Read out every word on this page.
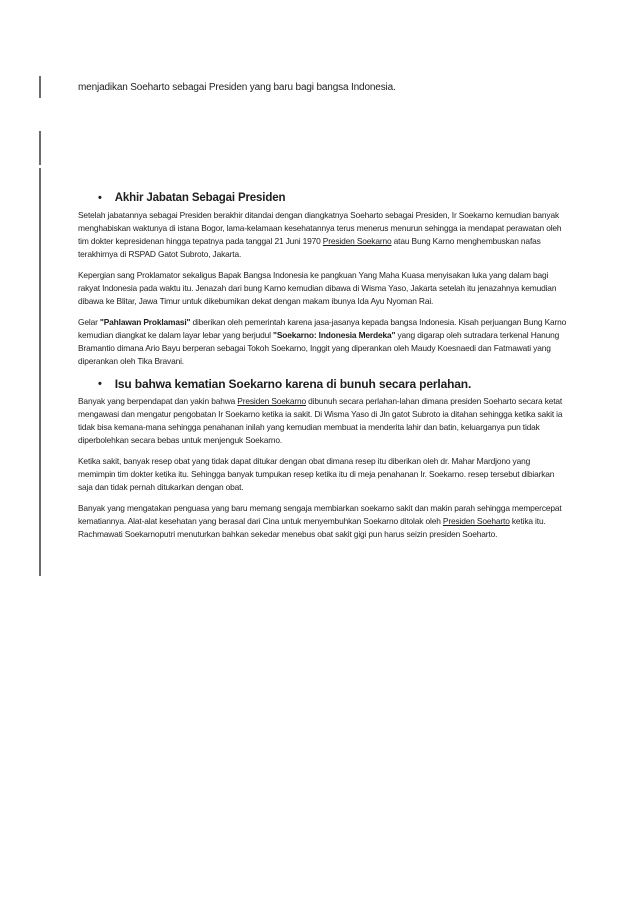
menjadikan Soeharto sebagai Presiden yang baru bagi bangsa Indonesia.
• Akhir Jabatan Sebagai Presiden

Setelah jabatannya sebagai Presiden berakhir ditandai dengan diangkatnya Soeharto sebagai Presiden, Ir Soekarno kemudian banyak menghabiskan waktunya di istana Bogor, lama-kelamaan kesehatannya terus menerus menurun sehingga ia mendapat perawatan oleh tim dokter kepresidenan hingga tepatnya pada tanggal 21 Juni 1970 Presiden Soekarno atau Bung Karno menghembuskan nafas terakhirnya di RSPAD Gatot Subroto, Jakarta.

Kepergian sang Proklamator sekaligus Bapak Bangsa Indonesia ke pangkuan Yang Maha Kuasa menyisakan luka yang dalam bagi rakyat Indonesia pada waktu itu. Jenazah dari bung Karno kemudian dibawa di Wisma Yaso, Jakarta setelah itu jenazahnya kemudian dibawa ke Blitar, Jawa Timur untuk dikebumikan dekat dengan makam ibunya Ida Ayu Nyoman Rai.

Gelar "Pahlawan Proklamasi" diberikan oleh pemerintah karena jasa-jasanya kepada bangsa Indonesia. Kisah perjuangan Bung Karno kemudian diangkat ke dalam layar lebar yang berjudul "Soekarno: Indonesia Merdeka" yang digarap oleh sutradara terkenal Hanung Bramantio dimana Ario Bayu berperan sebagai Tokoh Soekarno, Inggit yang diperankan oleh Maudy Koesnaedi dan Fatmawati yang diperankan oleh Tika Bravani.

• Isu bahwa kematian Soekarno karena di bunuh secara perlahan.

Banyak yang berpendapat dan yakin bahwa Presiden Soekarno dibunuh secara perlahan-lahan dimana presiden Soeharto secara ketat mengawasi dan mengatur pengobatan Ir Soekarno ketika ia sakit. Di Wisma Yaso di Jln gatot Subroto ia ditahan sehingga ketika sakit ia tidak bisa kemana-mana sehingga penahanan inilah yang kemudian membuat ia menderita lahir dan batin, keluarganya pun tidak diperbolehkan secara bebas untuk menjenguk Soekarno.

Ketika sakit, banyak resep obat yang tidak dapat ditukar dengan obat dimana resep itu diberikan oleh dr. Mahar Mardjono yang memimpin tim dokter ketika itu. Sehingga banyak tumpukan resep ketika itu di meja penahanan Ir. Soekarno. resep tersebut dibiarkan saja dan tidak pernah ditukarkan dengan obat.

Banyak yang mengatakan penguasa yang baru memang sengaja membiarkan soekarno sakit dan makin parah sehingga mempercepat kematiannya. Alat-alat kesehatan yang berasal dari Cina untuk menyembuhkan Soekarno ditolak oleh Presiden Soeharto ketika itu. Rachmawati Soekarnoputri menuturkan bahkan sekedar menebus obat sakit gigi pun harus seizin presiden Soeharto.
